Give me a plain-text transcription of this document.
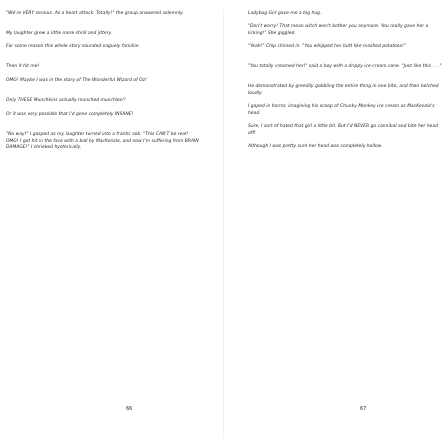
"We're VERY serious. As a heart attack. Totally!" the group answered solemnly.

My laughter grew a little more shrill and jittery.

For some reason this whole story sounded vaguely familiar.

Then it hit me!

OMG! Maybe I was in the story of The Wonderful Wizard of Oz!

Only THESE Munchkins actually munched munchies!!

Or it was very possible that I'd gone completely INSANE!

"No way!" I gasped as my laughter turned into a frantic sob. "This CAN'T be real! OMG! I got hit in the face with a ball by MacKenzie, and now I'm suffering from BRAIN DAMAGE!" I shrieked hysterically.

66

Ladybug Girl gave me a big hug.

"Don't worry! That mean witch won't bother you anymore. You really gave her a licking!" She giggled.

"Yeah!" Chip chimed in. "You whipped her butt like mashed potatoes!"

"You totally creamed her!" said a boy with a drippy ice-cream cone. "Just like this . . ."

He demonstrated by greedily gobbling the entire thing in one bite, and then belched loudly.

I gaped in horror, imagining his scoop of Chunky Monkey ice cream as MacKenzie's head.

Sure, I sort of hated that girl a little bit. But I'd NEVER go cannibal and bite her head off!

Although I was pretty sure her head was completely hollow.

67
